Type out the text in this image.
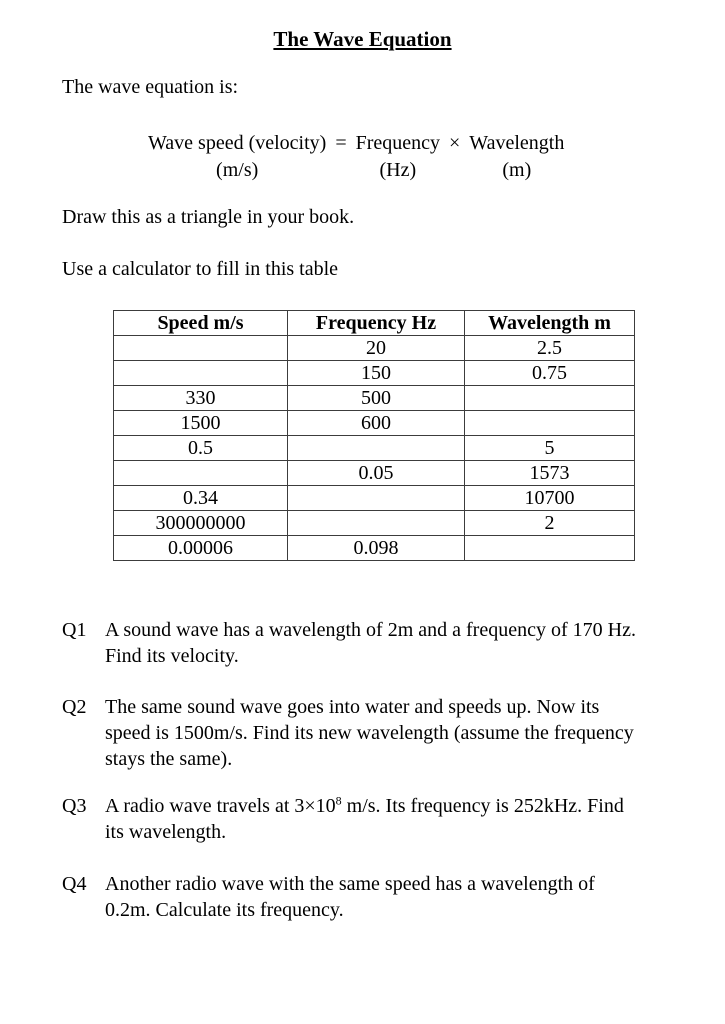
The Wave Equation

The wave equation is:

Wave speed (velocity) = Frequency × Wavelength
(m/s)	(Hz)	(m)

Draw this as a triangle in your book.

Use a calculator to fill in this table

Speed m/s	Frequency Hz	Wavelength m
	20	2.5
	150	0.75
330	500	
1500	600	
0.5		5
	0.05	1573
0.34		10700
300000000		2
0.00006	0.098	
Q1 A sound wave has a wavelength of 2m and a frequency of 170 Hz.
Find its velocity.
Q2 The same sound wave goes into water and speeds up. Now its
speed is 1500m/s. Find its new wavelength (assume the frequency
stays the same).
Q3 A radio wave travels at $3\times 10^8$ m/s. Its frequency is 252kHz. Find
its wavelength.
Q4 Another radio wave with the same speed has a wavelength of
0.2m. Calculate its frequency.
